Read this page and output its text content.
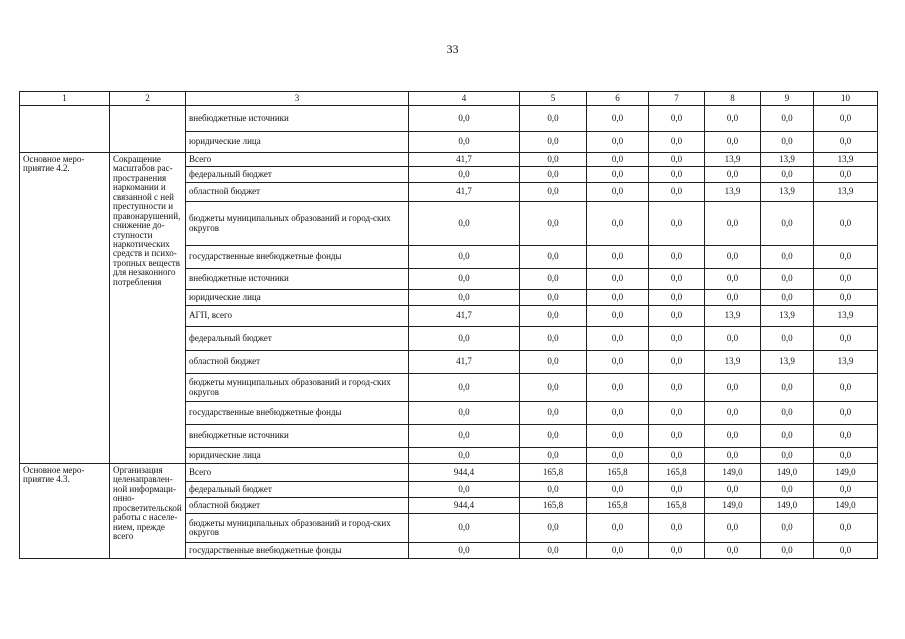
33
1	2	3	4	5	6	7	8	9	10
		внебюджетные источники	0,0	0,0	0,0	0,0	0,0	0,0	0,0
		юридические лица	0,0	0,0	0,0	0,0	0,0	0,0	0,0
Основное меро-приятие 4.2.	Сокращение масштабов рас-пространения наркомании и связанной с ней преступности и правонарушений, снижение до-ступности наркотических средств и психо-тропных веществ для незаконного потребления	Всего	41,7	0,0	0,0	0,0	13,9	13,9	13,9
		федеральный бюджет	0,0	0,0	0,0	0,0	0,0	0,0	0,0
		областной бюджет	41,7	0,0	0,0	0,0	13,9	13,9	13,9
		бюджеты муниципальных образований и город-ских округов	0,0	0,0	0,0	0,0	0,0	0,0	0,0
		государственные внебюджетные фонды	0,0	0,0	0,0	0,0	0,0	0,0	0,0
		внебюджетные источники	0,0	0,0	0,0	0,0	0,0	0,0	0,0
		юридические лица	0,0	0,0	0,0	0,0	0,0	0,0	0,0
		АГП, всего	41,7	0,0	0,0	0,0	13,9	13,9	13,9
		федеральный бюджет	0,0	0,0	0,0	0,0	0,0	0,0	0,0
		областной бюджет	41,7	0,0	0,0	0,0	13,9	13,9	13,9
		бюджеты муниципальных образований и город-ских округов	0,0	0,0	0,0	0,0	0,0	0,0	0,0
		государственные внебюджетные фонды	0,0	0,0	0,0	0,0	0,0	0,0	0,0
		внебюджетные источники	0,0	0,0	0,0	0,0	0,0	0,0	0,0
		юридические лица	0,0	0,0	0,0	0,0	0,0	0,0	0,0
Основное меро-приятие 4.3.	Организация целенаправлен-ной информаци-онно-просветительской работы с населе-нием, прежде всего	Всего	944,4	165,8	165,8	165,8	149,0	149,0	149,0
		федеральный бюджет	0,0	0,0	0,0	0,0	0,0	0,0	0,0
		областной бюджет	944,4	165,8	165,8	165,8	149,0	149,0	149,0
		бюджеты муниципальных образований и город-ских округов	0,0	0,0	0,0	0,0	0,0	0,0	0,0
		государственные внебюджетные фонды	0,0	0,0	0,0	0,0	0,0	0,0	0,0
